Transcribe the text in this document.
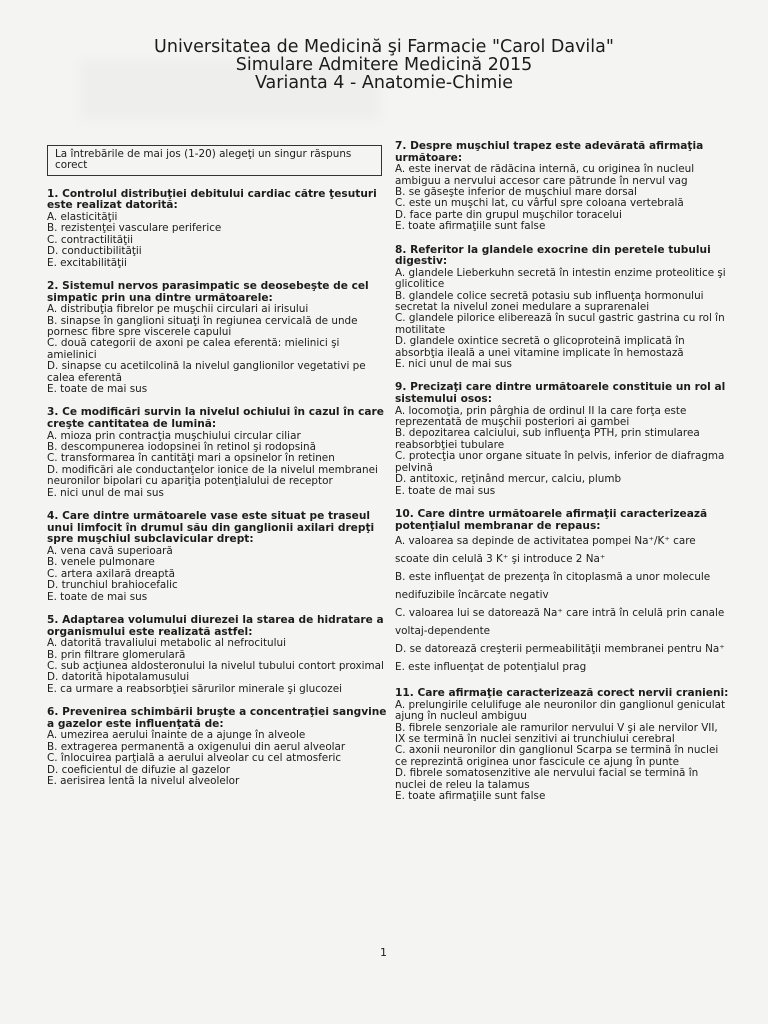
Universitatea de Medicină şi Farmacie "Carol Davila"
Simulare Admitere Medicină 2015
Varianta 4 - Anatomie-Chimie
La întrebările de mai jos (1-20) alegeţi un singur răspuns corect
1. Controlul distribuţiei debitului cardiac către ţesuturi este realizat datorită:
A. elasticităţii
B. rezistenţei vasculare periferice
C. contractilităţii
D. conductibilităţii
E. excitabilităţii
2. Sistemul nervos parasimpatic se deosebeşte de cel simpatic prin una dintre următoarele:
A. distribuţia fibrelor pe muşchii circulari ai irisului
B. sinapse în ganglioni situaţi în regiunea cervicală de unde pornesc fibre spre viscerele capului
C. două categorii de axoni pe calea eferentă: mielinici şi amielinici
D. sinapse cu acetilcolină la nivelul ganglionilor vegetativi pe calea eferentă
E. toate de mai sus
3. Ce modificări survin la nivelul ochiului în cazul în care creşte cantitatea de lumină:
A. mioza prin contracţia muşchiului circular ciliar
B. descompunerea iodopsinei în retinol şi rodopsină
C. transformarea în cantităţi mari a opsinelor în retinen
D. modificări ale conductanţelor ionice de la nivelul membranei neuronilor bipolari cu apariţia potenţialului de receptor
E. nici unul de mai sus
4. Care dintre următoarele vase este situat pe traseul unui limfocit în drumul său din ganglionii axilari drepţi spre muşchiul subclavicular drept:
A. vena cavă superioară
B. venele pulmonare
C. artera axilară dreaptă
D. trunchiul brahiocefalic
E. toate de mai sus
5. Adaptarea volumului diurezei la starea de hidratare a organismului este realizată astfel:
A. datorită travaliului metabolic al nefrocitului
B. prin filtrare glomerulară
C. sub acţiunea aldosteronului la nivelul tubului contort proximal
D. datorită hipotalamusului
E. ca urmare a reabsorbţiei sărurilor minerale şi glucozei
6. Prevenirea schimbării bruşte a concentraţiei sangvine a gazelor este influenţată de:
A. umezirea aerului înainte de a ajunge în alveole
B. extragerea permanentă a oxigenului din aerul alveolar
C. înlocuirea parţială a aerului alveolar cu cel atmosferic
D. coeficientul de difuzie al gazelor
E. aerisirea lentă la nivelul alveolelor
7. Despre muşchiul trapez este adevărată afirmaţia următoare:
A. este inervat de rădăcina internă, cu originea în nucleul ambiguu a nervului accesor care pătrunde în nervul vag
B. se găseşte inferior de muşchiul mare dorsal
C. este un muşchi lat, cu vârful spre coloana vertebrală
D. face parte din grupul muşchilor toracelui
E. toate afirmaţiile sunt false
8. Referitor la glandele exocrine din peretele tubului digestiv:
A. glandele Lieberkuhn secretă în intestin enzime proteolitice şi glicolitice
B. glandele colice secretă potasiu sub influenţa hormonului secretat la nivelul zonei medulare a suprarenalei
C. glandele pilorice eliberează în sucul gastric gastrina cu rol în motilitate
D. glandele oxintice secretă o glicoproteină implicată în absorbţia ileală a unei vitamine implicate în hemostază
E. nici unul de mai sus
9. Precizaţi care dintre următoarele constituie un rol al sistemului osos:
A. locomoţia, prin pârghia de ordinul II la care forţa este reprezentată de muşchii posteriori ai gambei
B. depozitarea calciului, sub influenţa PTH, prin stimularea reabsorbţiei tubulare
C. protecţia unor organe situate în pelvis, inferior de diafragma pelvină
D. antitoxic, reţinând mercur, calciu, plumb
E. toate de mai sus
10. Care dintre următoarele afirmaţii caracterizează potenţialul membranar de repaus:
A. valoarea sa depinde de activitatea pompei Na⁺/K⁺ care scoate din celulă 3 K⁺ şi introduce 2 Na⁺
B. este influenţat de prezenţa în citoplasmă a unor molecule nedifuzibile încărcate negativ
C. valoarea lui se datorează Na⁺ care intră în celulă prin canale voltaj-dependente
D. se datorează creşterii permeabilităţii membranei pentru Na⁺
E. este influenţat de potenţialul prag
11. Care afirmaţie caracterizează corect nervii cranieni:
A. prelungirile celulifuge ale neuronilor din ganglionul geniculat ajung în nucleul ambiguu
B. fibrele senzoriale ale ramurilor nervului V şi ale nervilor VII, IX se termină în nuclei senzitivi ai trunchiului cerebral
C. axonii neuronilor din ganglionul Scarpa se termină în nuclei ce reprezintă originea unor fascicule ce ajung în punte
D. fibrele somatosenzitive ale nervului facial se termină în nuclei de releu la talamus
E. toate afirmaţiile sunt false
1
